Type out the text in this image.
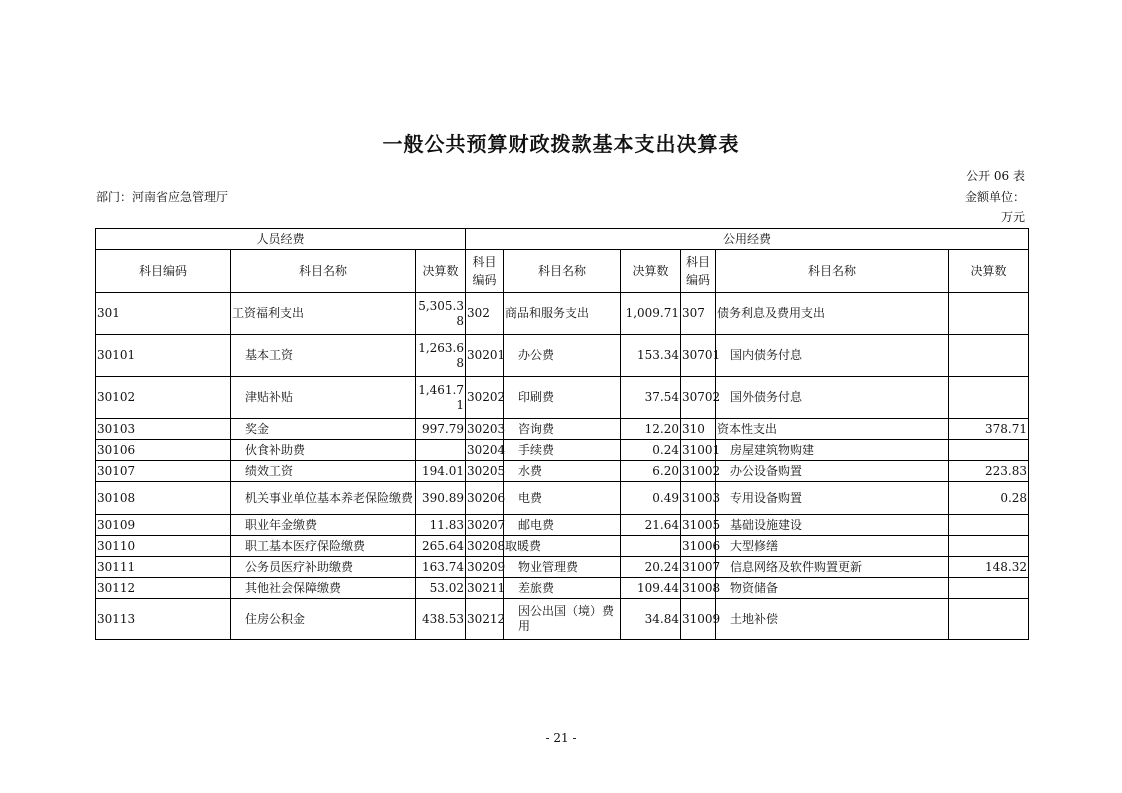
一般公共预算财政拨款基本支出决算表
公开 06 表
部门：河南省应急管理厅	金额单位：万元
人员经费			公用经费					
科目编码	科目名称	决算数	科目编码	科目名称	决算数	科目编码	科目名称	决算数
301	工资福利支出	5,305.38	302	商品和服务支出	1,009.71	307	债务利息及费用支出	
30101	基本工资	1,263.68	30201	办公费	153.34	30701	国内债务付息	
30102	津贴补贴	1,461.71	30202	印刷费	37.54	30702	国外债务付息	
30103	奖金	997.79	30203	咨询费	12.20	310	资本性支出	378.71
30106	伙食补助费		30204	手续费	0.24	31001	房屋建筑物购建	
30107	绩效工资	194.01	30205	水费	6.20	31002	办公设备购置	223.83
30108	机关事业单位基本养老保险缴费	390.89	30206	电费	0.49	31003	专用设备购置	0.28
30109	职业年金缴费	11.83	30207	邮电费	21.64	31005	基础设施建设	
30110	职工基本医疗保险缴费	265.64	30208	取暖费		31006	大型修缮	
30111	公务员医疗补助缴费	163.74	30209	物业管理费	20.24	31007	信息网络及软件购置更新	148.32
30112	其他社会保障缴费	53.02	30211	差旅费	109.44	31008	物资储备	
30113	住房公积金	438.53	30212	因公出国（境）费用	34.84	31009	土地补偿	
- 21 -
